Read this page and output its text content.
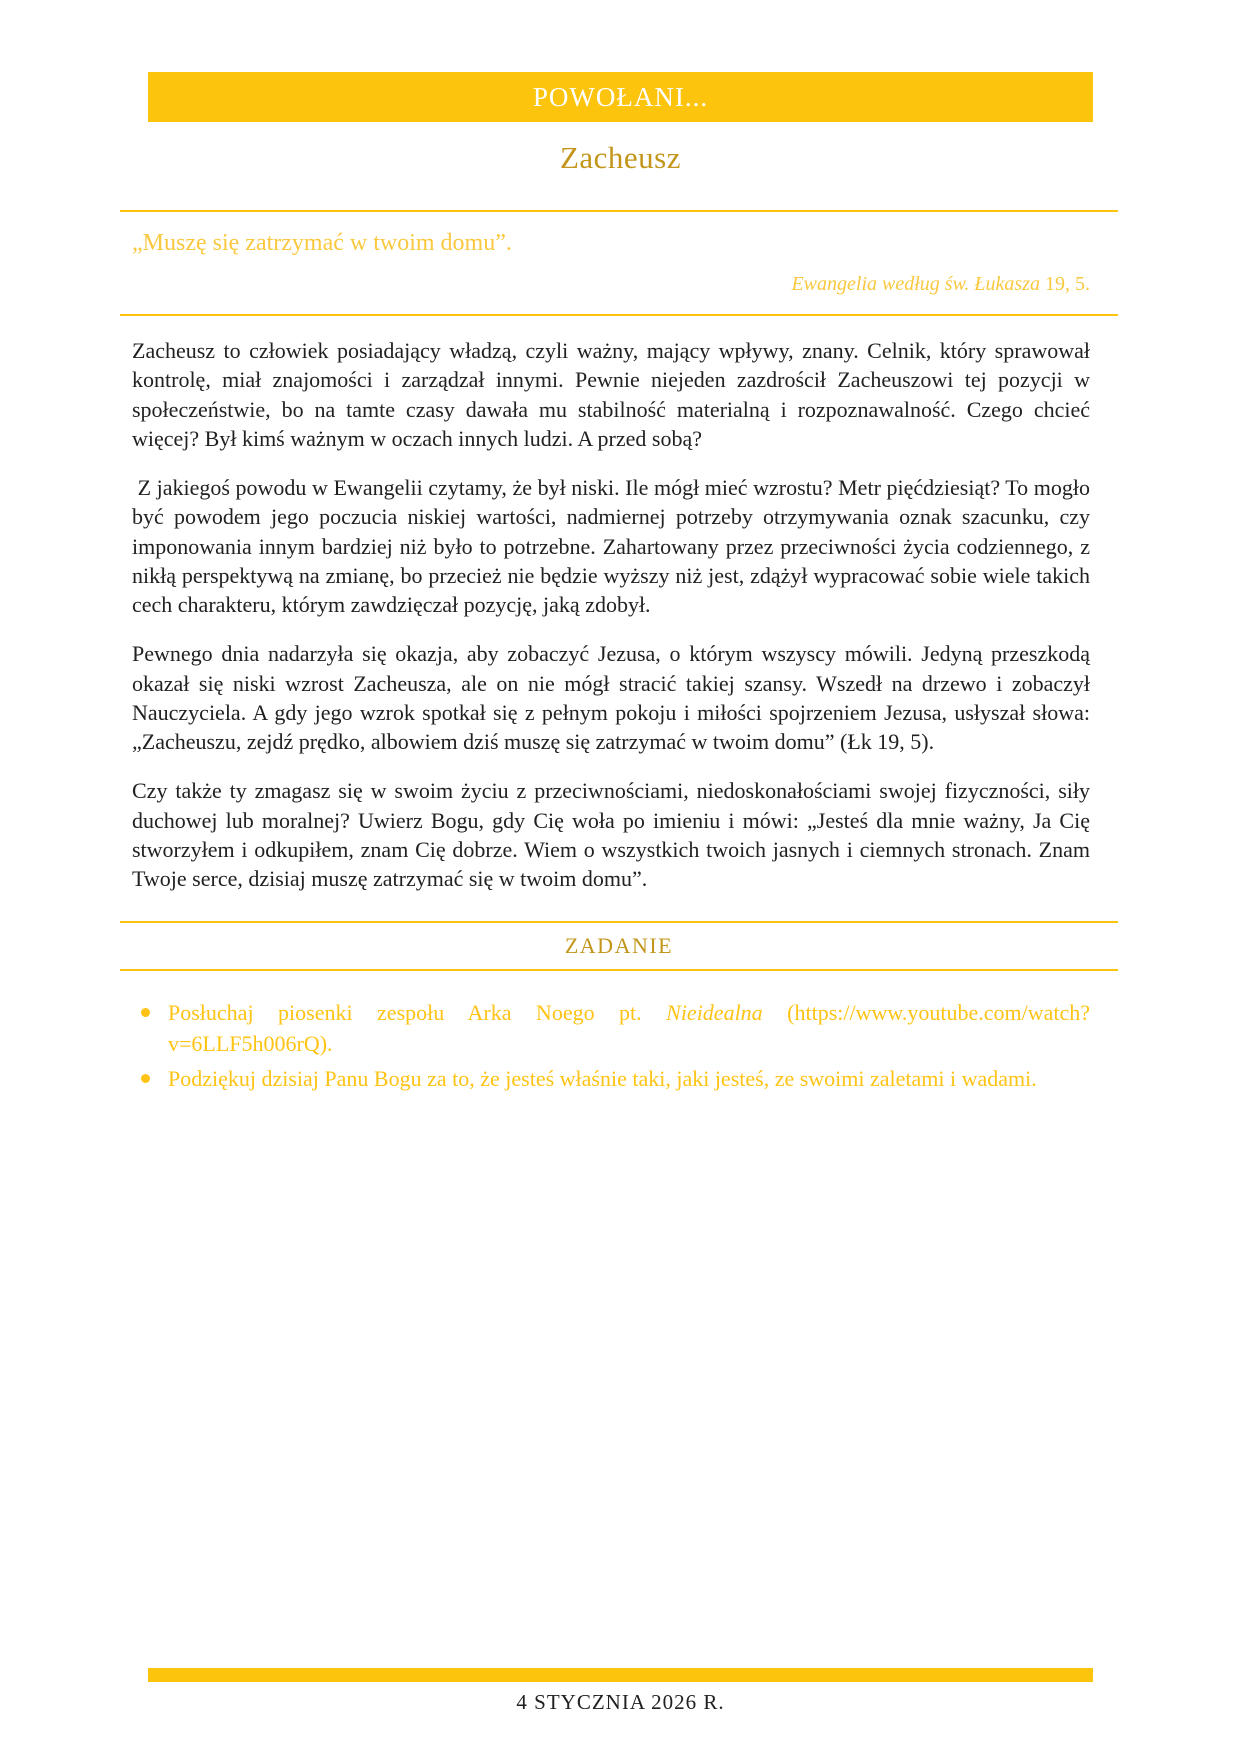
POWOŁANI...
Zacheusz

„Muszę się zatrzymać w twoim domu”.

Ewangelia według św. Łukasza 19, 5.

Zacheusz to człowiek posiadający władzą, czyli ważny, mający wpływy, znany. Celnik, który sprawował kontrolę, miał znajomości i zarządzał innymi. Pewnie niejeden zazdrościł Zacheuszowi tej pozycji w społeczeństwie, bo na tamte czasy dawała mu stabilność materialną i rozpoznawalność. Czego chcieć więcej? Był kimś ważnym w oczach innych ludzi. A przed sobą?

Z jakiegoś powodu w Ewangelii czytamy, że był niski. Ile mógł mieć wzrostu? Metr pięćdziesiąt? To mogło być powodem jego poczucia niskiej wartości, nadmiernej potrzeby otrzymywania oznak szacunku, czy imponowania innym bardziej niż było to potrzebne. Zahartowany przez przeciwności życia codziennego, z nikłą perspektywą na zmianę, bo przecież nie będzie wyższy niż jest, zdążył wypracować sobie wiele takich cech charakteru, którym zawdzięczał pozycję, jaką zdobył.

Pewnego dnia nadarzyła się okazja, aby zobaczyć Jezusa, o którym wszyscy mówili. Jedyną przeszkodą okazał się niski wzrost Zacheusza, ale on nie mógł stracić takiej szansy. Wszedł na drzewo i zobaczył Nauczyciela. A gdy jego wzrok spotkał się z pełnym pokoju i miłości spojrzeniem Jezusa, usłyszał słowa: „Zacheuszu, zejdź prędko, albowiem dziś muszę się zatrzymać w twoim domu” (Łk 19, 5).

Czy także ty zmagasz się w swoim życiu z przeciwnościami, niedoskonałościami swojej fizyczności, siły duchowej lub moralnej? Uwierz Bogu, gdy Cię woła po imieniu i mówi: „Jesteś dla mnie ważny, Ja Cię stworzyłem i odkupiłem, znam Cię dobrze. Wiem o wszystkich twoich jasnych i ciemnych stronach. Znam Twoje serce, dzisiaj muszę zatrzymać się w twoim domu”.

ZADANIE
Posłuchaj piosenki zespołu Arka Noego pt. Nieidealna (https://www.youtube.com/watch?v=6LLF5h006rQ).
Podziękuj dzisiaj Panu Bogu za to, że jesteś właśnie taki, jaki jesteś, ze swoimi zaletami i wadami.
4 STYCZNIA 2026 R.
